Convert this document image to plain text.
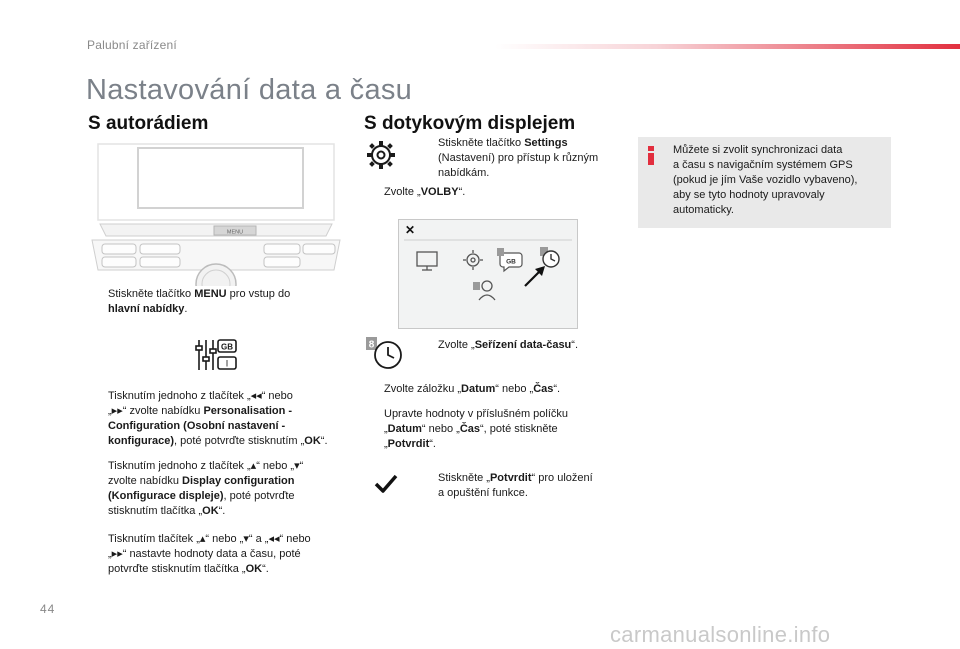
Palubní zařízení
Nastavování data a času
S autorádiem
MENU
Stiskněte tlačítko MENU pro vstup do
hlavní nabídky.
GB
I
Tisknutím jednoho z tlačítek „◂◂“ nebo
„▸▸“ zvolte nabídku Personalisation -
Configuration (Osobní nastavení -
konfigurace), poté potvrďte stisknutím „OK“.
Tisknutím jednoho z tlačítek „▴“ nebo „▾“
zvolte nabídku Display configuration
(Konfigurace displeje), poté potvrďte
stisknutím tlačítka „OK“.
Tisknutím tlačítek „▴“ nebo „▾“ a „◂◂“ nebo
„▸▸“ nastavte hodnoty data a času, poté
potvrďte stisknutím tlačítka „OK“.
S dotykovým displejem
Stiskněte tlačítko Settings
(Nastavení) pro přístup k různým
nabídkám.
Zvolte „VOLBY“.
✕
GB
8	Zvolte „Seřízení data-času“.
Zvolte záložku „Datum“ nebo „Čas“.
Upravte hodnoty v příslušném políčku
„Datum“ nebo „Čas“, poté stiskněte
„Potvrdit“.
Stiskněte „Potvrdit“ pro uložení
a opuštění funkce.
Můžete si zvolit synchronizaci data
a času s navigačním systémem GPS
(pokud je jím Vaše vozidlo vybaveno),
aby se tyto hodnoty upravovaly
automaticky.
44
carmanualsonline.info
